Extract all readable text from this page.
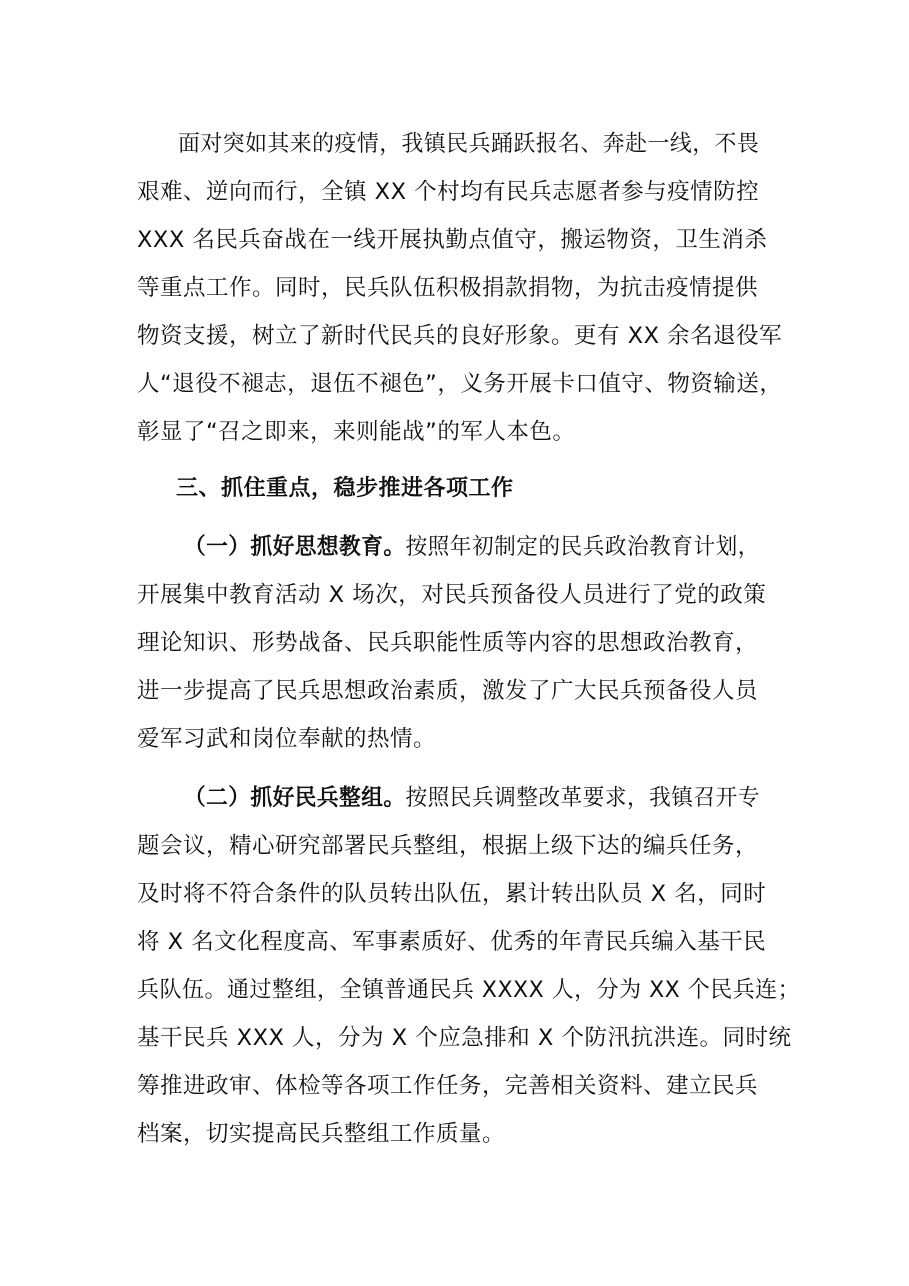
面对突如其来的疫情，我镇民兵踊跃报名、奔赴一线，不畏
艰难、逆向而行，全镇 XX 个村均有民兵志愿者参与疫情防控
XXX 名民兵奋战在一线开展执勤点值守，搬运物资，卫生消杀
等重点工作。同时，民兵队伍积极捐款捐物，为抗击疫情提供
物资支援，树立了新时代民兵的良好形象。更有 XX 余名退役军
人“退役不褪志，退伍不褪色”，义务开展卡口值守、物资输送，
彰显了“召之即来，来则能战”的军人本色。
三、抓住重点，稳步推进各项工作
（一）抓好思想教育。按照年初制定的民兵政治教育计划，
开展集中教育活动 X 场次，对民兵预备役人员进行了党的政策
理论知识、形势战备、民兵职能性质等内容的思想政治教育，
进一步提高了民兵思想政治素质，激发了广大民兵预备役人员
爱军习武和岗位奉献的热情。
（二）抓好民兵整组。按照民兵调整改革要求，我镇召开专
题会议，精心研究部署民兵整组，根据上级下达的编兵任务，
及时将不符合条件的队员转出队伍，累计转出队员 X 名，同时
将 X 名文化程度高、军事素质好、优秀的年青民兵编入基干民
兵队伍。通过整组，全镇普通民兵 XXXX 人，分为 XX 个民兵连；
基干民兵 XXX 人，分为 X 个应急排和 X 个防汛抗洪连。同时统
筹推进政审、体检等各项工作任务，完善相关资料、建立民兵
档案，切实提高民兵整组工作质量。
